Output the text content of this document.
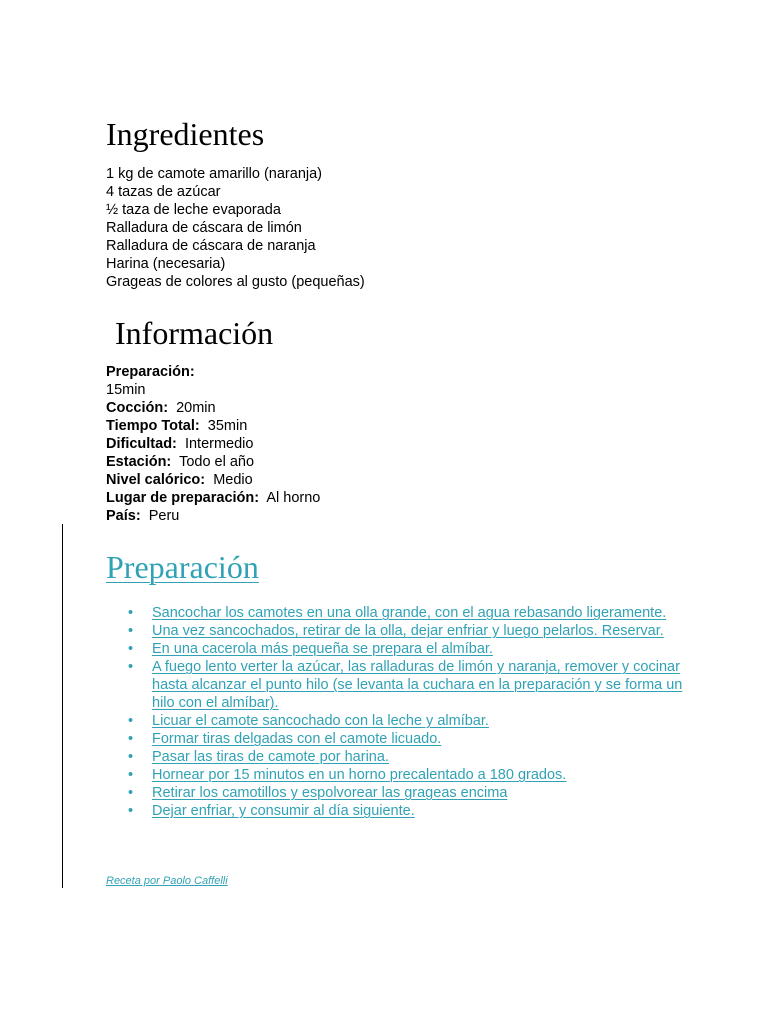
Ingredientes
1 kg de camote amarillo (naranja)
4 tazas de azúcar
½ taza de leche evaporada
Ralladura de cáscara de limón
Ralladura de cáscara de naranja
Harina (necesaria)
Grageas de colores al gusto (pequeñas)
Información
Preparación:
15min
Cocción: 20min
Tiempo Total: 35min
Dificultad: Intermedio
Estación: Todo el año
Nivel calórico: Medio
Lugar de preparación: Al horno
País: Peru
Preparación
• Sancochar los camotes en una olla grande, con el agua rebasando ligeramente.
• Una vez sancochados, retirar de la olla, dejar enfriar y luego pelarlos. Reservar.
• En una cacerola más pequeña se prepara el almíbar.
• A fuego lento verter la azúcar, las ralladuras de limón y naranja, remover y cocinar hasta alcanzar el punto hilo (se levanta la cuchara en la preparación y se forma un hilo con el almíbar).
• Licuar el camote sancochado con la leche y almíbar.
• Formar tiras delgadas con el camote licuado.
• Pasar las tiras de camote por harina.
• Hornear por 15 minutos en un horno precalentado a 180 grados.
• Retirar los camotillos y espolvorear las grageas encima
• Dejar enfriar, y consumir al día siguiente.
Receta por Paolo Caffelli
